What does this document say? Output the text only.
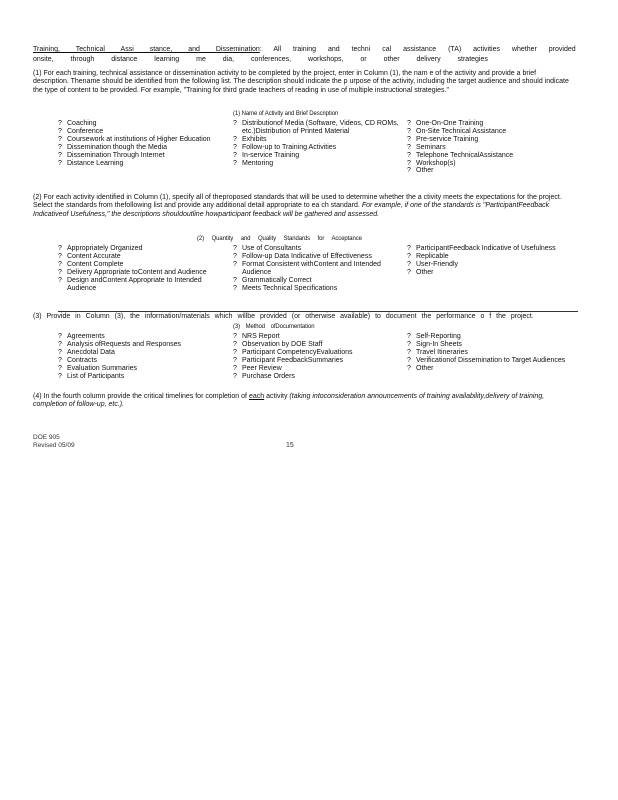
Training, Technical Assi stance, and Dissemination: All training and techni cal assistance (TA) activities whether provided
onsite, through distance learning me dia, conferences, workshops, or other delivery strategies
(1) For each training, technical assistance or dissemination activity to be completed by the project, enter in Column (1), the nam e of the activity and provide a brief description. Thename should be identified from the following list. The description should indicate the p urpose of the activity, including the target audience and should indicate the type of content to be provided. For example, "Training for third grade teachers of reading in use of multiple instructional strategies."
(1) Name of Activity and Brief Description
? Coaching
? Conference
? Coursework at institutions of Higher Education
? Dissemination though the Media
? Dissemination Through Internet
? Distance Learning
? Distributionof Media (Software, Videos, CD ROMs, etc.)Distribution of Printed Material
? Exhibits
? Follow-up to Training Activities
? In-service Training
? Mentoring
? One-On-One Training
? On-Site Technical Assistance
? Pre-service Training
? Seminars
? Telephone TechnicalAssistance
? Workshop(s)
? Other
(2) For each activity identified in Column (1), specify all of theproposed standards that will be used to determine whether the a ctivity meets the expectations for the project. Select the standards from thefollowing list and provide any additional detail appropriate to ea ch standard. For example, if one of the standards is "ParticipantFeedback Indicativeof Usefulness," the descriptions shouldoutline howparticipant feedback will be gathered and assessed.
(2) Quantity and Quality Standards for Acceptance
? Appropriately Organized
? Content Accurate
? Content Complete
? Delivery Appropriate toContent and Audience
? Design andContent Appropriate to Intended Audience
? Use of Consultants
? Follow-up Data Indicative of Effectiveness
? Format Consistent withContent and Intended Audience
? Grammatically Correct
? Meets Technical Specifications
? ParticipantFeedback Indicative of Usefulness
? Replicable
? User-Friendly
? Other
(3) Provide in Column (3), the information/materials which willbe provided (or otherwise available) to document the performance o f the project.
(3) Method ofDocumentation
? Agreements
? Analysis ofRequests and Responses
? Anecdotal Data
? Contracts
? Evaluation Summaries
? List of Participants
? NRS Report
? Observation by DOE Staff
? Participant CompetencyEvaluations
? Participant FeedbackSummaries
? Peer Review
? Purchase Orders
? Self-Reporting
? Sign-In Sheets
? Travel Itineraries
? Verificationof Dissemination to Target Audiences
? Other
(4) In the fourth column provide the critical timelines for completion of each activity (taking intoconsideration announcements of training availability,delivery of training, completion of follow-up, etc.).
DOE 905
Revised 05/09	15
